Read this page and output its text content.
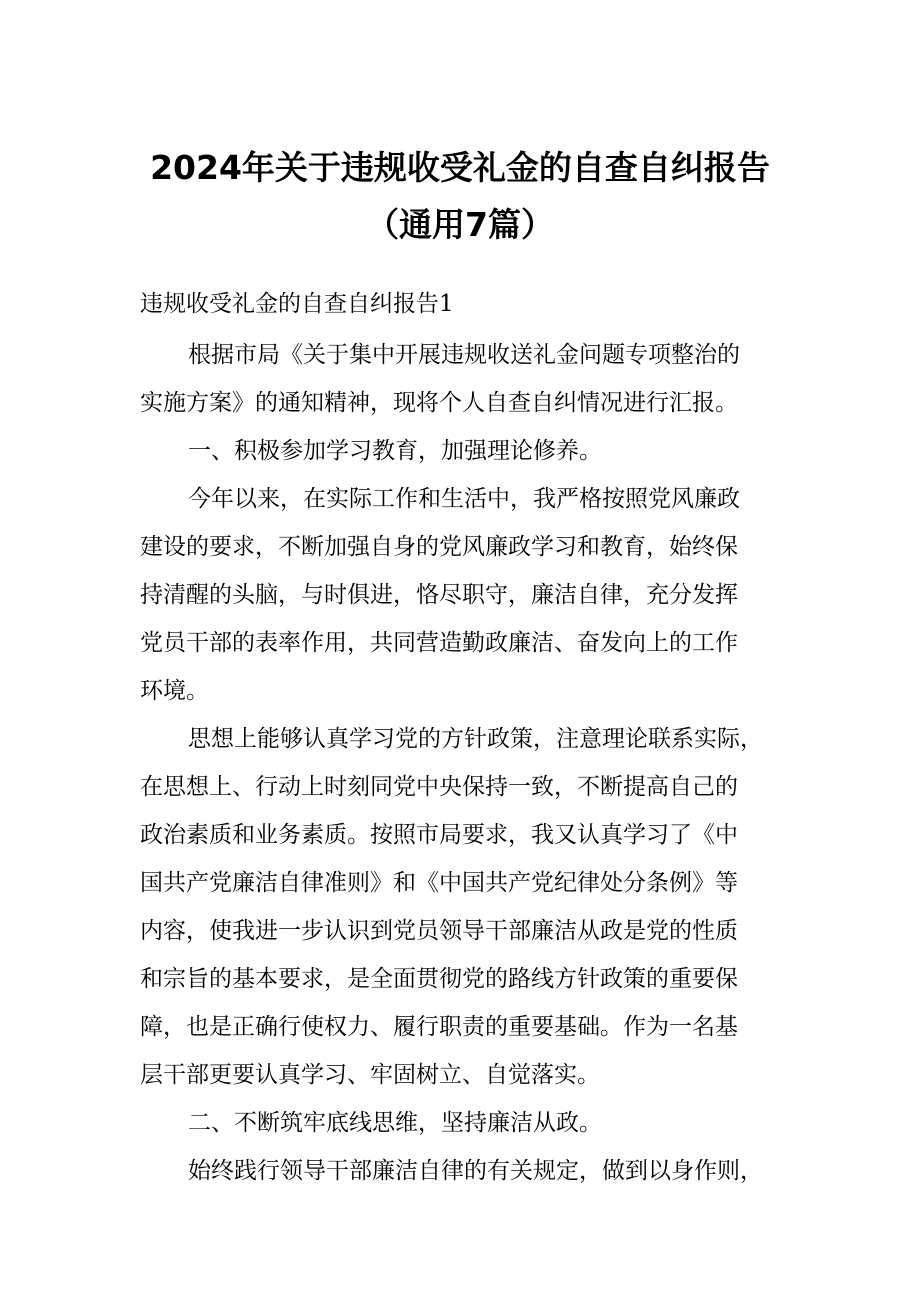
2024年关于违规收受礼金的自查自纠报告
（通用7篇）
违规收受礼金的自查自纠报告1
根据市局《关于集中开展违规收送礼金问题专项整治的
实施方案》的通知精神，现将个人自查自纠情况进行汇报。
一、积极参加学习教育，加强理论修养。
今年以来，在实际工作和生活中，我严格按照党风廉政
建设的要求，不断加强自身的党风廉政学习和教育，始终保
持清醒的头脑，与时俱进，恪尽职守，廉洁自律，充分发挥
党员干部的表率作用，共同营造勤政廉洁、奋发向上的工作
环境。
思想上能够认真学习党的方针政策，注意理论联系实际，
在思想上、行动上时刻同党中央保持一致，不断提高自己的
政治素质和业务素质。按照市局要求，我又认真学习了《中
国共产党廉洁自律准则》和《中国共产党纪律处分条例》等
内容，使我进一步认识到党员领导干部廉洁从政是党的性质
和宗旨的基本要求，是全面贯彻党的路线方针政策的重要保
障，也是正确行使权力、履行职责的重要基础。作为一名基
层干部更要认真学习、牢固树立、自觉落实。
二、不断筑牢底线思维，坚持廉洁从政。
始终践行领导干部廉洁自律的有关规定，做到以身作则，
